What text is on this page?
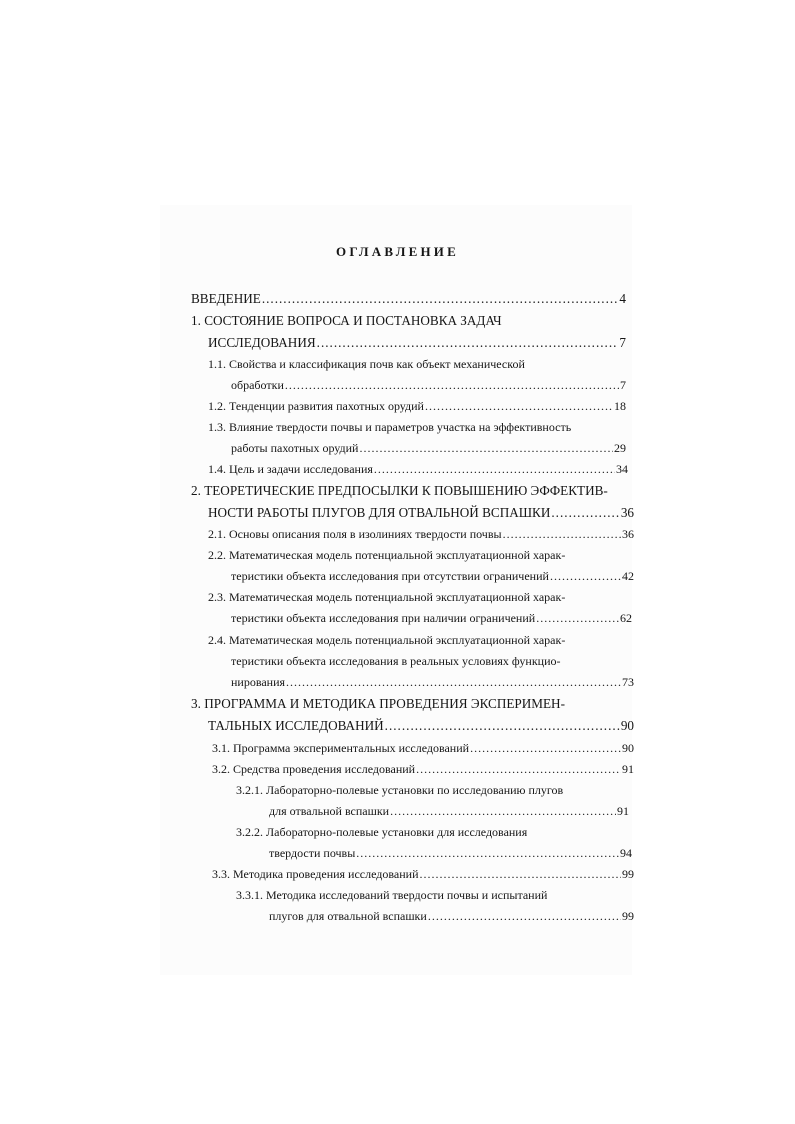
ОГЛАВЛЕНИЕ
ВВЕДЕНИЕ .....	4
1. СОСТОЯНИЕ ВОПРОСА И ПОСТАНОВКА ЗАДАЧ
ИССЛЕДОВАНИЯ .....	7
1.1. Свойства и классификация почв как объект механической
обработки .....	7
1.2. Тенденции развития пахотных орудий .....	18
1.3. Влияние твердости почвы и параметров участка на эффективность
работы пахотных орудий .....	29
1.4. Цель и задачи исследования .....	34
2. ТЕОРЕТИЧЕСКИЕ ПРЕДПОСЫЛКИ К ПОВЫШЕНИЮ ЭФФЕКТИВ-
НОСТИ РАБОТЫ ПЛУГОВ ДЛЯ ОТВАЛЬНОЙ ВСПАШКИ .....	36
2.1. Основы описания поля в изолиниях твердости почвы .....	36
2.2. Математическая модель потенциальной эксплуатационной харак-
теристики объекта исследования при отсутствии ограничений .....	42
2.3. Математическая модель потенциальной эксплуатационной харак-
теристики объекта исследования при наличии ограничений .....	62
2.4. Математическая модель потенциальной эксплуатационной харак-
теристики объекта исследования в реальных условиях функцио-
нирования .....	73
3. ПРОГРАММА И МЕТОДИКА ПРОВЕДЕНИЯ ЭКСПЕРИМЕН-
ТАЛЬНЫХ ИССЛЕДОВАНИЙ .....	90
3.1. Программа экспериментальных исследований .....	90
3.2. Средства проведения исследований .....	91
3.2.1. Лабораторно-полевые установки по исследованию плугов
для отвальной вспашки .....	91
3.2.2. Лабораторно-полевые установки для исследования
твердости почвы .....	94
3.3. Методика проведения исследований .....	99
3.3.1. Методика исследований твердости почвы и испытаний
плугов для отвальной вспашки .....	99
